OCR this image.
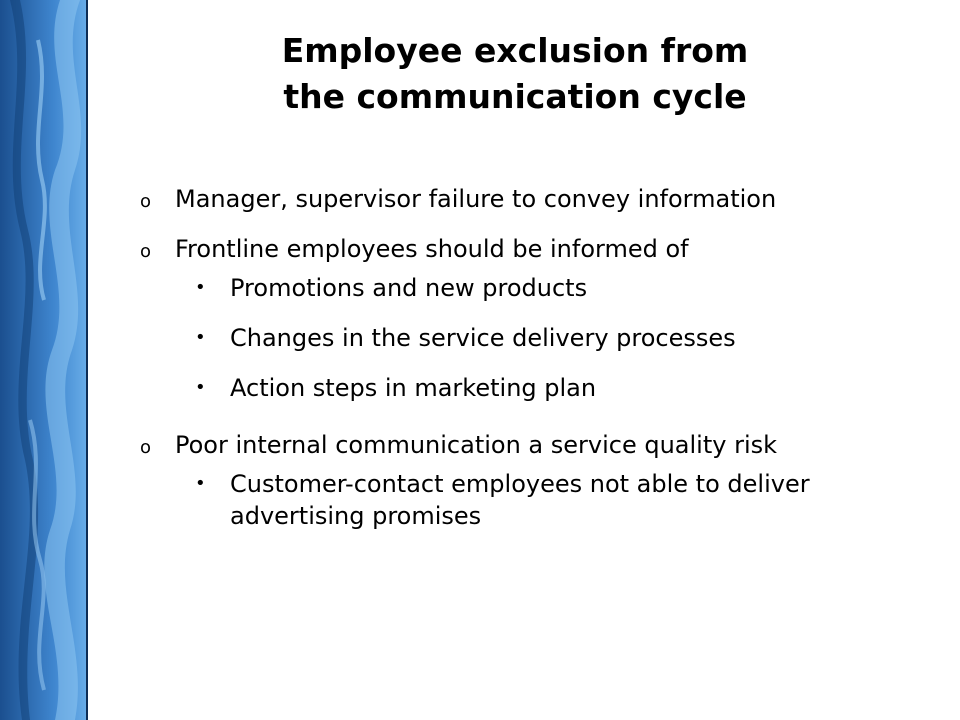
Employee exclusion from
the communication cycle
o Manager, supervisor failure to convey information
o Frontline employees should be informed of
• Promotions and new products
• Changes in the service delivery processes
• Action steps in marketing plan
o Poor internal communication a service quality risk
• Customer-contact employees not able to deliver advertising promises
